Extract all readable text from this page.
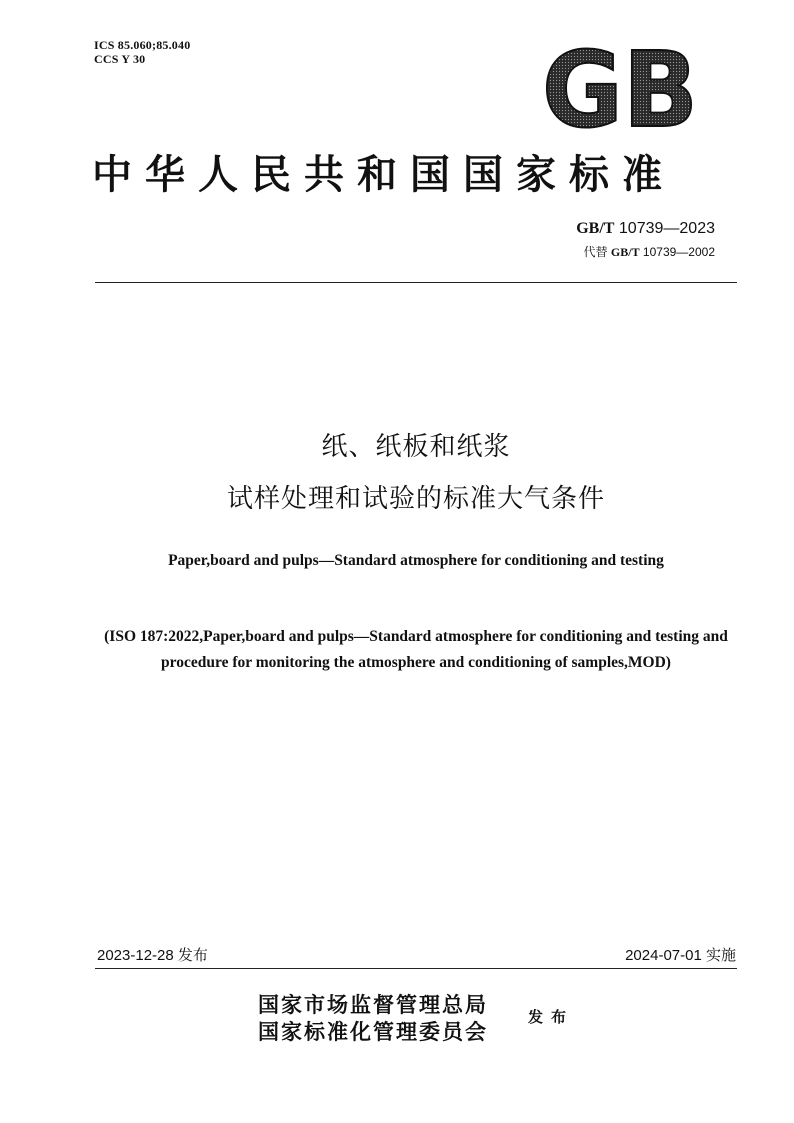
ICS 85.060;85.040
CCS Y 30	GB
中华人民共和国国家标准
GB/T 10739—2023
代替 GB/T 10739—2002
纸、纸板和纸浆
试样处理和试验的标准大气条件
Paper,board and pulps—Standard atmosphere for conditioning and testing
(ISO 187:2022,Paper,board and pulps—Standard atmosphere for conditioning and testing and procedure for monitoring the atmosphere and conditioning of samples,MOD)
2023-12-28 发布	2024-07-01 实施
国家市场监督管理总局
国家标准化管理委员会
发布
